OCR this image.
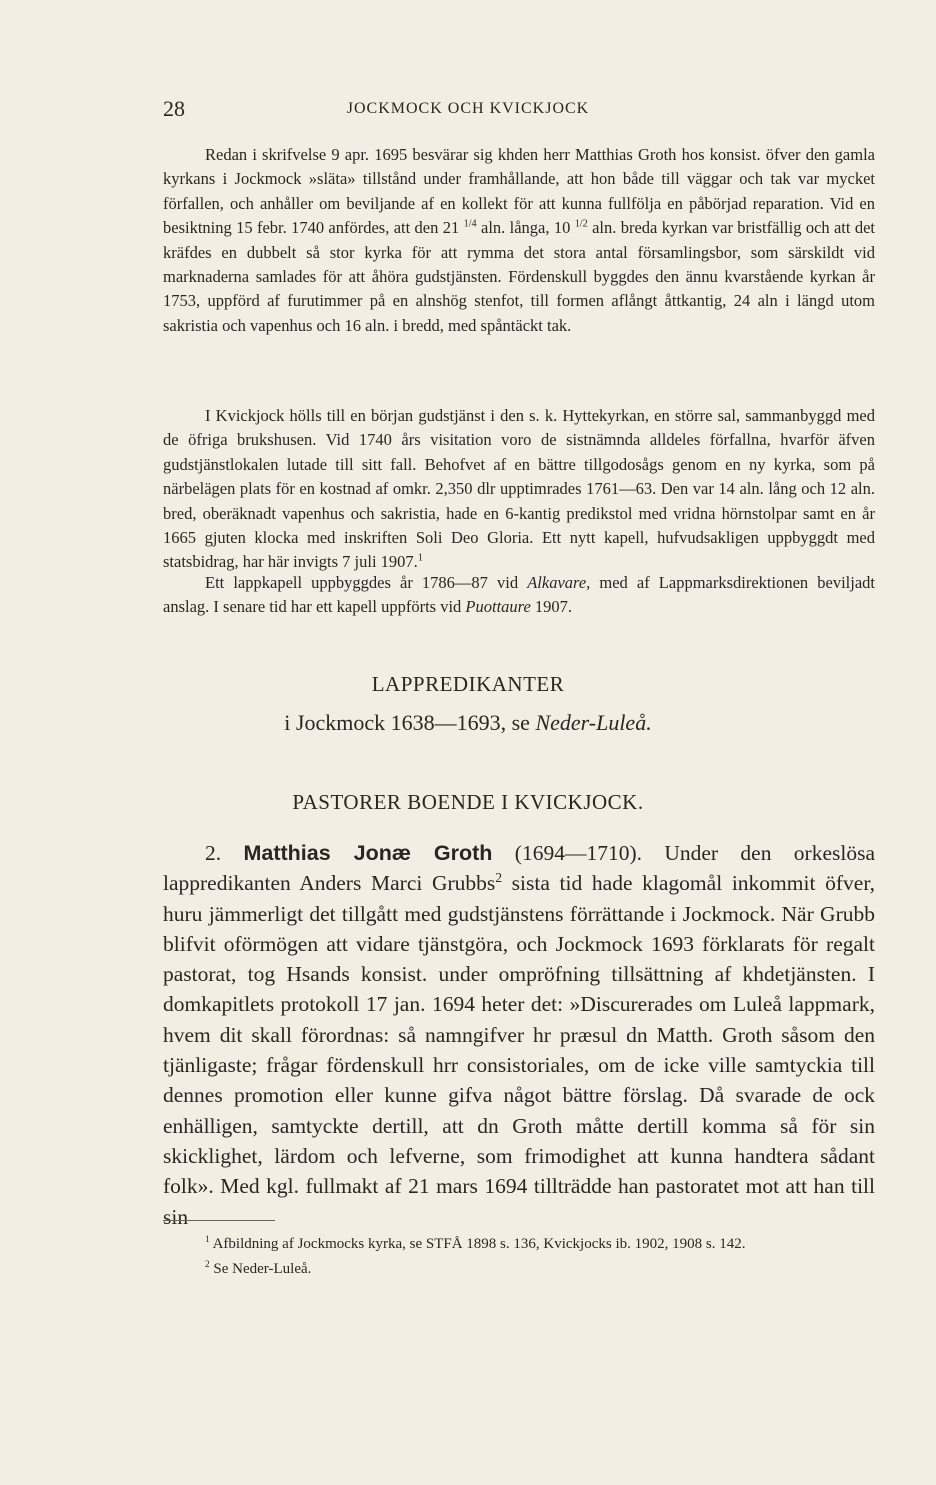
28	JOCKMOCK OCH KVICKJOCK

Redan i skrifvelse 9 apr. 1695 besvärar sig khden herr Matthias Groth hos konsist. öfver den gamla kyrkans i Jockmock »släta» tillstånd under framhållande, att hon både till väggar och tak var mycket förfallen, och anhåller om beviljande af en kollekt för att kunna fullfölja en påbörjad reparation. Vid en besiktning 15 febr. 1740 anfördes, att den 21 $^{1/4}$ aln. långa, 10 $^{1/2}$ aln. breda kyrkan var bristfällig och att det kräfdes en dubbelt så stor kyrka för att rymma det stora antal församlingsbor, som särskildt vid marknaderna samlades för att åhöra gudstjänsten. Fördenskull byggdes den ännu kvarstående kyrkan år 1753, uppförd af furutimmer på en alnshög stenfot, till formen aflångt åttkantig, 24 aln i längd utom sakristia och vapenhus och 16 aln. i bredd, med spåntäckt tak.

I Kvickjock hölls till en början gudstjänst i den s. k. Hyttekyrkan, en större sal, sammanbyggd med de öfriga brukshusen. Vid 1740 års visitation voro de sistnämnda alldeles förfallna, hvarför äfven gudstjänstlokalen lutade till sitt fall. Behofvet af en bättre tillgodosågs genom en ny kyrka, som på närbelägen plats för en kostnad af omkr. 2,350 dlr upptimrades 1761—63. Den var 14 aln. lång och 12 aln. bred, oberäknadt vapenhus och sakristia, hade en 6-kantig predikstol med vridna hörnstolpar samt en år 1665 gjuten klocka med inskriften Soli Deo Gloria. Ett nytt kapell, hufvudsakligen uppbyggdt med statsbidrag, har här invigts 7 juli 1907.$^1$

Ett lappkapell uppbyggdes år 1786—87 vid Alkavare, med af Lappmarksdirektionen beviljadt anslag. I senare tid har ett kapell uppförts vid Puottaure 1907.

LAPPREDIKANTER
i Jockmock 1638—1693, se Neder-Luleå.
PASTORER BOENDE I KVICKJOCK.

2. Matthias Jonæ Groth (1694—1710). Under den orkeslösa lappredikanten Anders Marci Grubbs$^2$ sista tid hade klagomål inkommit öfver, huru jämmerligt det tillgått med gudstjänstens förrättande i Jockmock. När Grubb blifvit oförmögen att vidare tjänstgöra, och Jockmock 1693 förklarats för regalt pastorat, tog Hsands konsist. under ompröfning tillsättning af khdetjänsten. I domkapitlets protokoll 17 jan. 1694 heter det: »Discurerades om Luleå lappmark, hvem dit skall förordnas: så namngifver hr præsul dn Matth. Groth såsom den tjänligaste; frågar fördenskull hrr consistoriales, om de icke ville samtyckia till dennes promotion eller kunne gifva något bättre förslag. Då svarade de ock enhälligen, samtyckte dertill, att dn Groth måtte dertill komma så för sin skicklighet, lärdom och lefverne, som frimodighet att kunna handtera sådant folk». Med kgl. fullmakt af 21 mars 1694 tillträdde han pastoratet mot att han till sin

$^1$ Afbildning af Jockmocks kyrka, se STFÅ 1898 s. 136, Kvickjocks ib. 1902, 1908 s. 142.
$^2$ Se Neder-Luleå.
